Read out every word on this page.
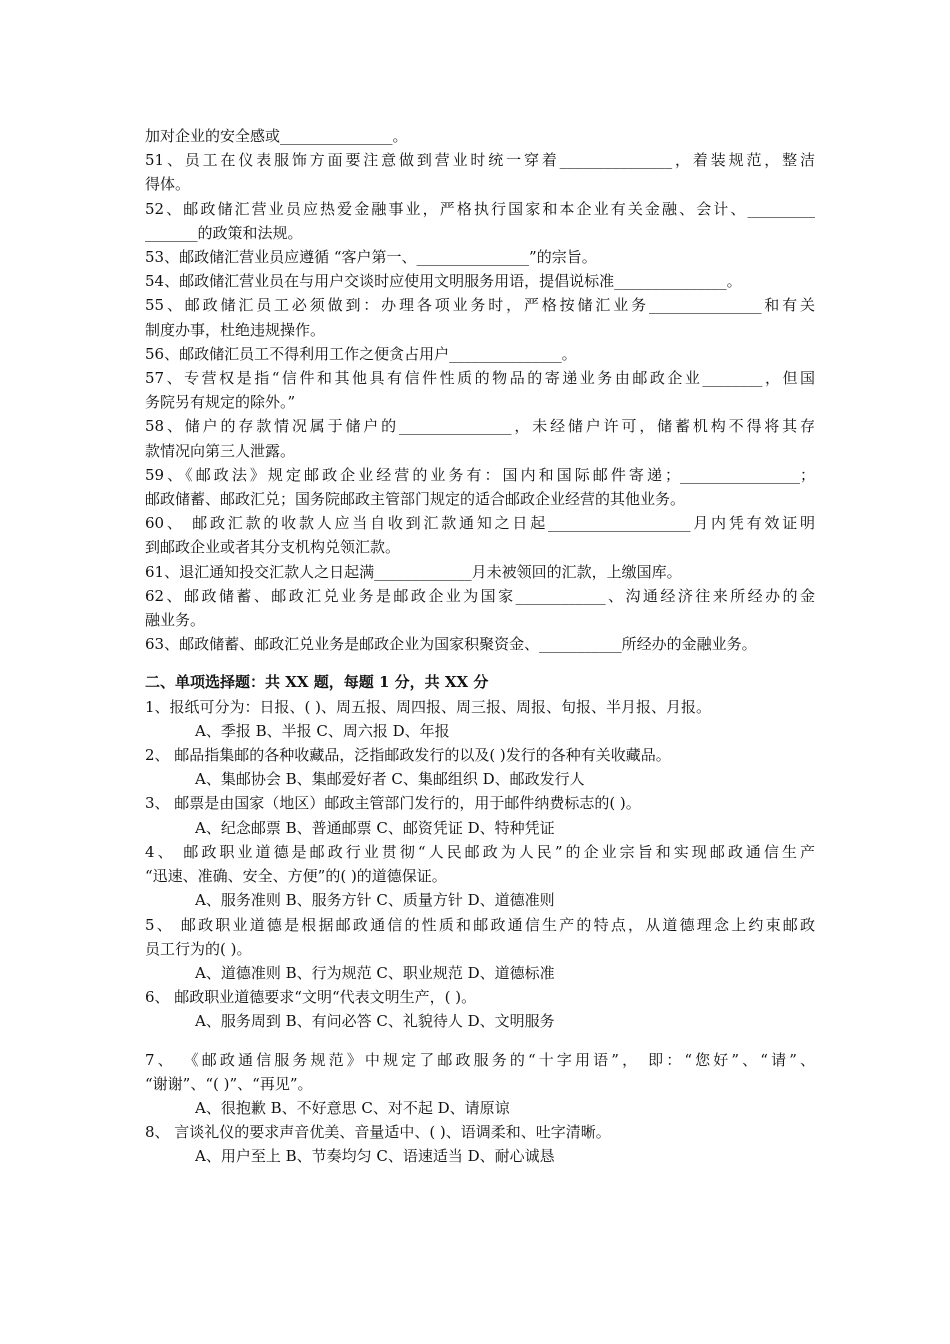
加对企业的安全感或_______________。
51、员工在仪表服饰方面要注意做到营业时统一穿着_______________，着装规范，整洁
得体。
52、邮政储汇营业员应热爱金融事业，严格执行国家和本企业有关金融、会计、_________
_______的政策和法规。
53、邮政储汇营业员应遵循 “客户第一、_______________”的宗旨。
54、邮政储汇营业员在与用户交谈时应使用文明服务用语，提倡说标准_______________。
55、邮政储汇员工必须做到：办理各项业务时，严格按储汇业务_______________和有关
制度办事，杜绝违规操作。
56、邮政储汇员工不得利用工作之便贪占用户_______________。
57、专营权是指“信件和其他具有信件性质的物品的寄递业务由邮政企业________，但国
务院另有规定的除外。”
58、储户的存款情况属于储户的_______________，未经储户许可，储蓄机构不得将其存
款情况向第三人泄露。
59、《邮政法》规定邮政企业经营的业务有：国内和国际邮件寄递；________________；
邮政储蓄、邮政汇兑；国务院邮政主管部门规定的适合邮政企业经营的其他业务。
60、 邮政汇款的收款人应当自收到汇款通知之日起___________________月内凭有效证明
到邮政企业或者其分支机构兑领汇款。
61、退汇通知投交汇款人之日起满_____________月未被领回的汇款，上缴国库。
62、邮政储蓄、邮政汇兑业务是邮政企业为国家____________、沟通经济往来所经办的金
融业务。
63、邮政储蓄、邮政汇兑业务是邮政企业为国家积聚资金、___________所经办的金融业务。
二、单项选择题：共 XX 题，每题 1 分，共 XX 分
1、报纸可分为：日报、( )、周五报、周四报、周三报、周报、旬报、半月报、月报。
A、季报 B、半报 C、周六报 D、年报
2、 邮品指集邮的各种收藏品，泛指邮政发行的以及( )发行的各种有关收藏品。
A、集邮协会 B、集邮爱好者 C、集邮组织 D、邮政发行人
3、 邮票是由国家（地区）邮政主管部门发行的，用于邮件纳费标志的( )。
A、纪念邮票 B、普通邮票 C、邮资凭证 D、特种凭证
4、 邮政职业道德是邮政行业贯彻“人民邮政为人民”的企业宗旨和实现邮政通信生产
“迅速、准确、安全、方便”的( )的道德保证。
A、服务准则 B、服务方针 C、质量方针 D、道德准则
5、 邮政职业道德是根据邮政通信的性质和邮政通信生产的特点，从道德理念上约束邮政
员工行为的( )。
A、道德准则 B、行为规范 C、职业规范 D、道德标准
6、 邮政职业道德要求“文明“代表文明生产，( )。
A、服务周到 B、有问必答 C、礼貌待人 D、文明服务
7、 《邮政通信服务规范》中规定了邮政服务的“十字用语”， 即：“您好”、“请”、
“谢谢”、“( )”、“再见”。
A、很抱歉 B、不好意思 C、对不起 D、请原谅
8、 言谈礼仪的要求声音优美、音量适中、( )、语调柔和、吐字清晰。
A、用户至上 B、节奏均匀 C、语速适当 D、耐心诚恳
